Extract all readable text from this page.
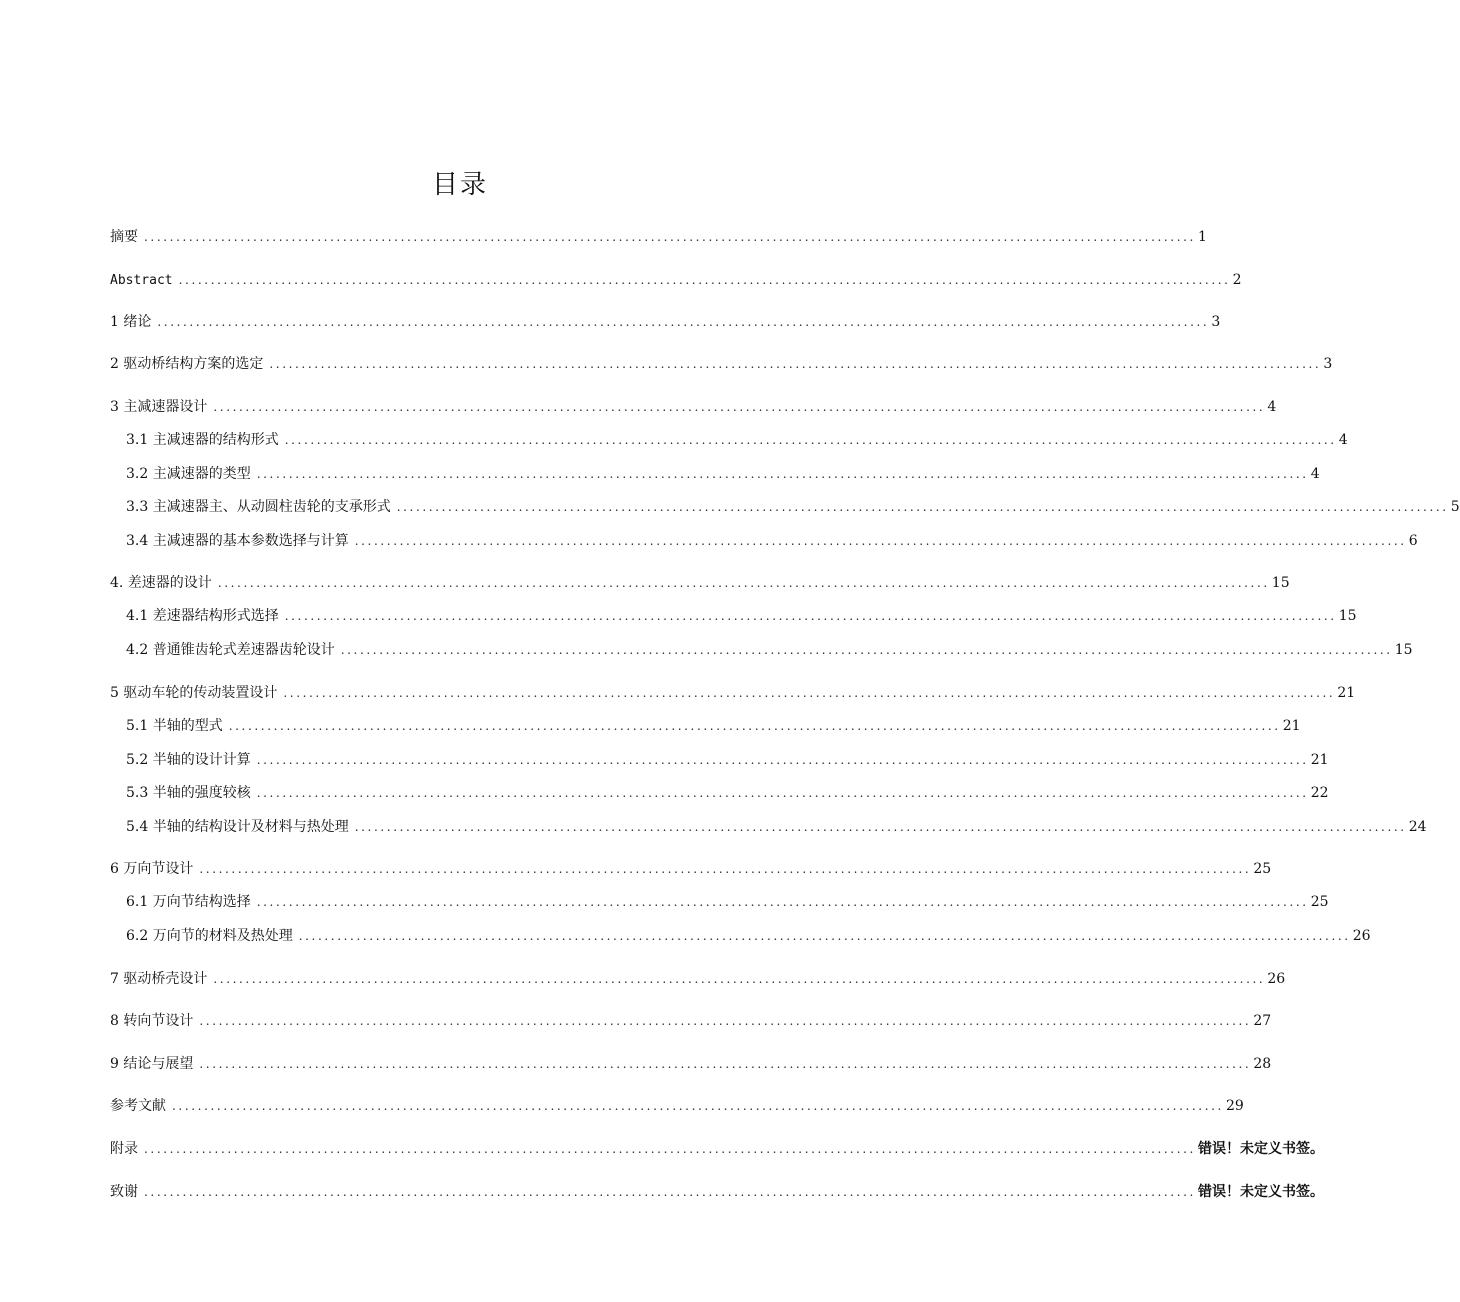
目录
摘要 .................................................................................................................................................................... 1
Abstract .................................................................................................................................................................... 2
1 绪论 .................................................................................................................................................................... 3
2 驱动桥结构方案的选定 .................................................................................................................................................................... 3
3 主减速器设计 .................................................................................................................................................................... 4
3.1 主减速器的结构形式 .................................................................................................................................................................... 4
3.2 主减速器的类型 .................................................................................................................................................................... 4
3.3 主减速器主、从动圆柱齿轮的支承形式 .................................................................................................................................................................... 5
3.4 主减速器的基本参数选择与计算 .................................................................................................................................................................... 6
4. 差速器的设计 .................................................................................................................................................................... 15
4.1 差速器结构形式选择 .................................................................................................................................................................... 15
4.2 普通锥齿轮式差速器齿轮设计 .................................................................................................................................................................... 15
5 驱动车轮的传动装置设计 .................................................................................................................................................................... 21
5.1 半轴的型式 .................................................................................................................................................................... 21
5.2 半轴的设计计算 .................................................................................................................................................................... 21
5.3 半轴的强度较核 .................................................................................................................................................................... 22
5.4 半轴的结构设计及材料与热处理 .................................................................................................................................................................... 24
6 万向节设计 .................................................................................................................................................................... 25
6.1 万向节结构选择 .................................................................................................................................................................... 25
6.2 万向节的材料及热处理 .................................................................................................................................................................... 26
7 驱动桥壳设计 .................................................................................................................................................................... 26
8 转向节设计 .................................................................................................................................................................... 27
9 结论与展望 .................................................................................................................................................................... 28
参考文献 .................................................................................................................................................................... 29
附录 .................................................................................................................................................................... 错误！未定义书签。
致谢 .................................................................................................................................................................... 错误！未定义书签。
